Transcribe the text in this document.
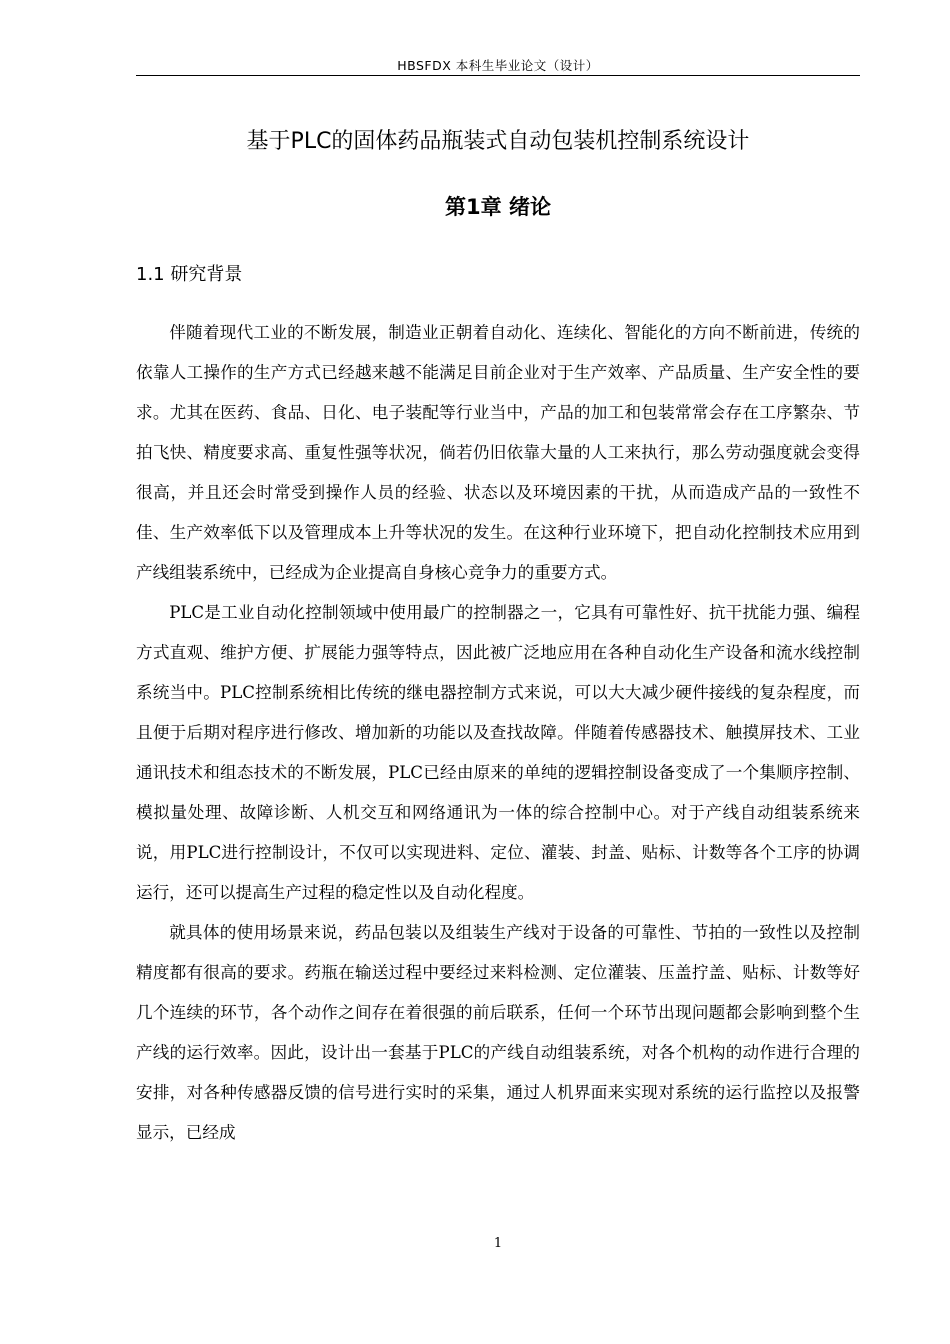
HBSFDX 本科生毕业论文（设计）
基于PLC的固体药品瓶装式自动包装机控制系统设计
第1章 绪论
1.1 研究背景

伴随着现代工业的不断发展，制造业正朝着自动化、连续化、智能化的方向不断前进，传统的依靠人工操作的生产方式已经越来越不能满足目前企业对于生产效率、产品质量、生产安全性的要求。尤其在医药、食品、日化、电子装配等行业当中，产品的加工和包装常常会存在工序繁杂、节拍飞快、精度要求高、重复性强等状况，倘若仍旧依靠大量的人工来执行，那么劳动强度就会变得很高，并且还会时常受到操作人员的经验、状态以及环境因素的干扰，从而造成产品的一致性不佳、生产效率低下以及管理成本上升等状况的发生。在这种行业环境下，把自动化控制技术应用到产线组装系统中，已经成为企业提高自身核心竞争力的重要方式。

PLC是工业自动化控制领域中使用最广的控制器之一，它具有可靠性好、抗干扰能力强、编程方式直观、维护方便、扩展能力强等特点，因此被广泛地应用在各种自动化生产设备和流水线控制系统当中。PLC控制系统相比传统的继电器控制方式来说，可以大大减少硬件接线的复杂程度，而且便于后期对程序进行修改、增加新的功能以及查找故障。伴随着传感器技术、触摸屏技术、工业通讯技术和组态技术的不断发展，PLC已经由原来的单纯的逻辑控制设备变成了一个集顺序控制、模拟量处理、故障诊断、人机交互和网络通讯为一体的综合控制中心。对于产线自动组装系统来说，用PLC进行控制设计，不仅可以实现进料、定位、灌装、封盖、贴标、计数等各个工序的协调运行，还可以提高生产过程的稳定性以及自动化程度。

就具体的使用场景来说，药品包装以及组装生产线对于设备的可靠性、节拍的一致性以及控制精度都有很高的要求。药瓶在输送过程中要经过来料检测、定位灌装、压盖拧盖、贴标、计数等好几个连续的环节，各个动作之间存在着很强的前后联系，任何一个环节出现问题都会影响到整个生产线的运行效率。因此，设计出一套基于PLC的产线自动组装系统，对各个机构的动作进行合理的安排，对各种传感器反馈的信号进行实时的采集，通过人机界面来实现对系统的运行监控以及报警显示，已经成

1
